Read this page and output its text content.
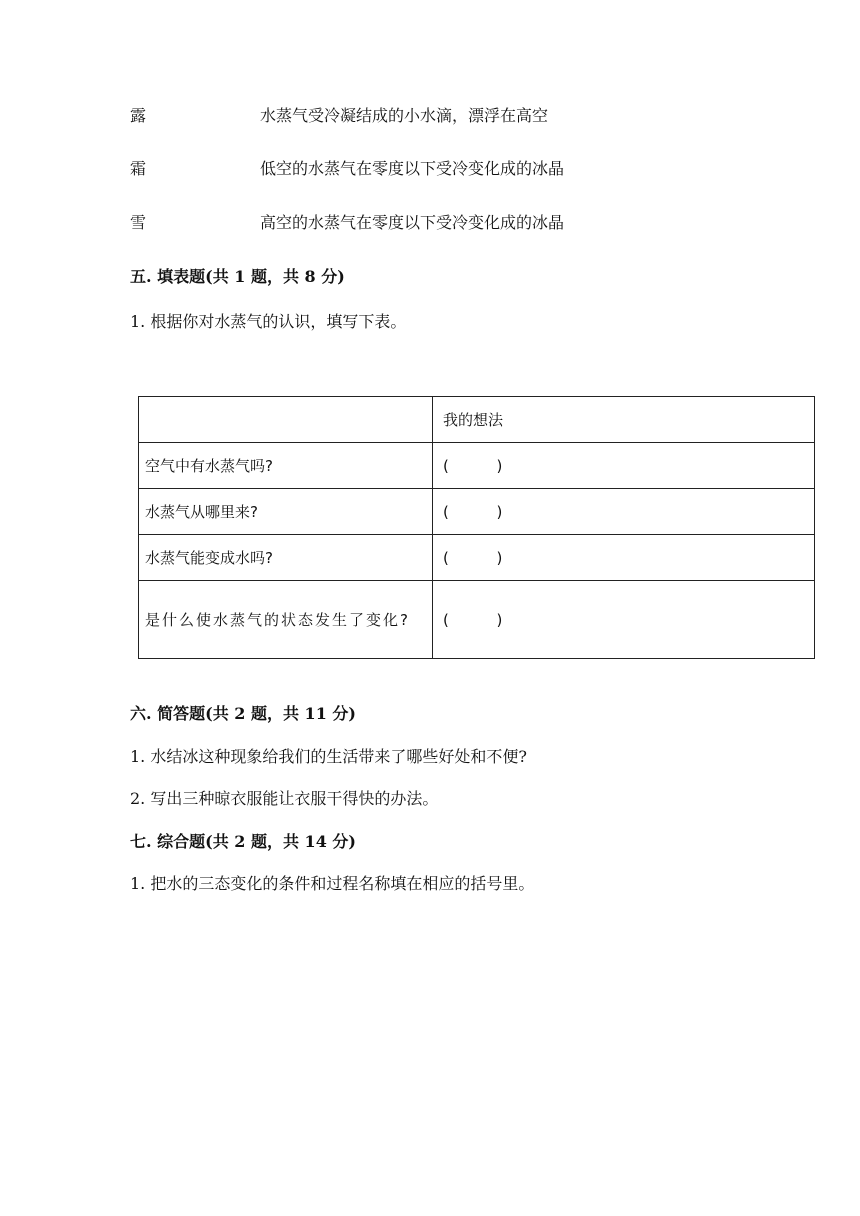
露	水蒸气受冷凝结成的小水滴，漂浮在高空
霜	低空的水蒸气在零度以下受冷变化成的冰晶
雪	高空的水蒸气在零度以下受冷变化成的冰晶
五. 填表题(共 1 题，共 8 分)
1. 根据你对水蒸气的认识，填写下表。
	我的想法
空气中有水蒸气吗?	(          )
水蒸气从哪里来?	(          )
水蒸气能变成水吗?	(          )
是什么使水蒸气的状态发生了变化?	(          )
六. 简答题(共 2 题，共 11 分)
1. 水结冰这种现象给我们的生活带来了哪些好处和不便?
2. 写出三种晾衣服能让衣服干得快的办法。
七. 综合题(共 2 题，共 14 分)
1. 把水的三态变化的条件和过程名称填在相应的括号里。
